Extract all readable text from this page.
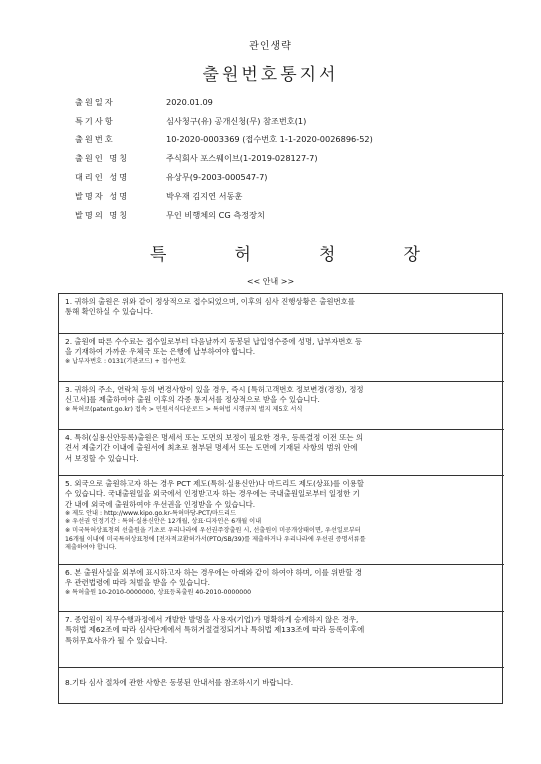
관인생략
출원번호통지서
출원일자	2020.01.09
특기사항	심사청구(유) 공개신청(무) 참조번호(1)
출원번호	10-2020-0003369 (접수번호 1-1-2020-0026896-52)
출원인 명칭	주식회사 포스웨이브(1-2019-028127-7)
대리인 성명	유상무(9-2003-000547-7)
발명자 성명	박우재 김지연 서동훈
발명의 명칭	무인 비행체의 CG 측정장치
특	허	청	장
<< 안내 >>

1. 귀하의 출원은 위와 같이 정상적으로 접수되었으며, 이후의 심사 진행상황은 출원번호를

통해 확인하실 수 있습니다.

2. 출원에 따른 수수료는 접수일로부터 다음날까지 동봉된 납입영수증에 성명, 납부자번호 등

을 기재하여 가까운 우체국 또는 은행에 납부하여야 합니다.

※ 납부자번호 : 0131(기관코드) + 접수번호

3. 귀하의 주소, 연락처 등의 변경사항이 있을 경우, 즉시 [특허고객번호 정보변경(경정), 정정

신고서]를 제출하여야 출원 이후의 각종 통지서를 정상적으로 받을 수 있습니다.

※ 특허로(patent.go.kr) 접속 > 민원서식다운로드 > 특허법 시행규칙 별지 제5호 서식

4. 특허(실용신안등록)출원은 명세서 또는 도면의 보정이 필요한 경우, 등록결정 이전 또는 의

견서 제출기간 이내에 출원서에 최초로 첨부된 명세서 또는 도면에 기재된 사항의 범위 안에

서 보정할 수 있습니다.

5. 외국으로 출원하고자 하는 경우 PCT 제도(특허·실용신안)나 마드리드 제도(상표)를 이용할

수 있습니다. 국내출원일을 외국에서 인정받고자 하는 경우에는 국내출원일로부터 일정한 기

간 내에 외국에 출원하여야 우선권을 인정받을 수 있습니다.

※ 제도 안내 : http://www.kipo.go.kr-특허마당-PCT/마드리드

※ 우선권 인정기간 : 특허·실용신안은 12개월, 상표·디자인은 6개월 이내

※ 미국특허상표청의 선출원을 기초로 우리나라에 우선권주장출원 시, 선출원이 미공개상태이면, 우선일로부터

16개월 이내에 미국특허상표청에 [전자적교환허가서(PTO/SB/39)를 제출하거나 우리나라에 우선권 증명서류를

제출하여야 합니다.

6. 본 출원사실을 외부에 표시하고자 하는 경우에는 아래와 같이 하여야 하며, 이를 위반할 경

우 관련법령에 따라 처벌을 받을 수 있습니다.

※ 특허출원 10-2010-0000000, 상표등록출원 40-2010-0000000

7. 종업원이 직무수행과정에서 개발한 발명을 사용자(기업)가 명확하게 승계하지 않은 경우,

특허법 제62조에 따라 심사단계에서 특허거절결정되거나 특허법 제133조에 따라 등록이후에

특허무효사유가 될 수 있습니다.

8.기타 심사 절차에 관한 사항은 동봉된 안내서를 참조하시기 바랍니다.
